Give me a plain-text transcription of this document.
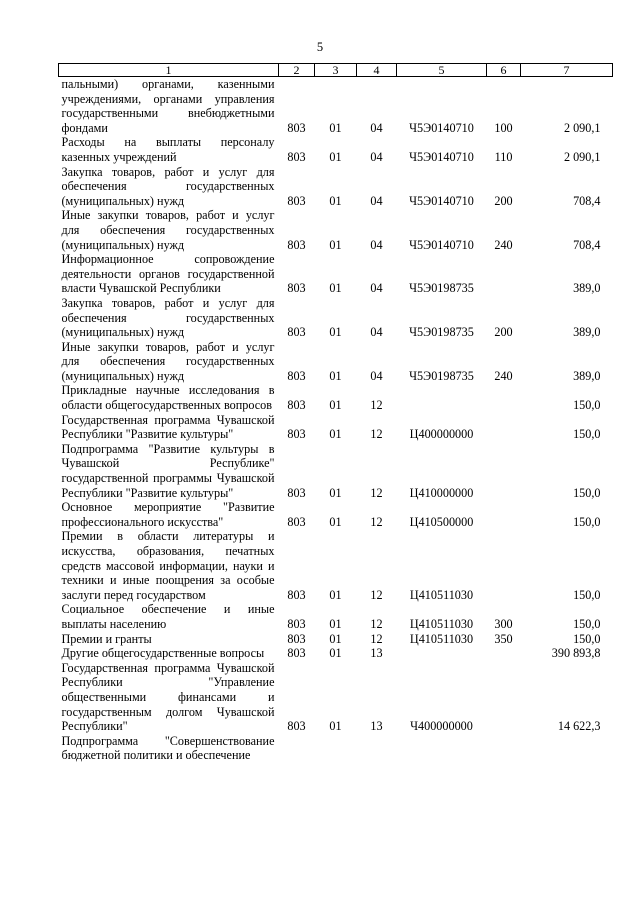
5
1	2	3	4	5	6	7
пальными) органами, казенными учреждениями, органами управления государственными внебюджетными фондами	803	01	04	Ч5Э0140710	100	2 090,1
Расходы на выплаты персоналу казенных учреждений	803	01	04	Ч5Э0140710	110	2 090,1
Закупка товаров, работ и услуг для обеспечения государственных (муниципальных) нужд	803	01	04	Ч5Э0140710	200	708,4
Иные закупки товаров, работ и услуг для обеспечения государственных (муниципальных) нужд	803	01	04	Ч5Э0140710	240	708,4
Информационное сопровождение деятельности органов государственной власти Чувашской Республики	803	01	04	Ч5Э0198735		389,0
Закупка товаров, работ и услуг для обеспечения государственных (муниципальных) нужд	803	01	04	Ч5Э0198735	200	389,0
Иные закупки товаров, работ и услуг для обеспечения государственных (муниципальных) нужд	803	01	04	Ч5Э0198735	240	389,0
Прикладные научные исследования в области общегосударственных вопросов	803	01	12			150,0
Государственная программа Чувашской Республики "Развитие культуры"	803	01	12	Ц400000000		150,0
Подпрограмма "Развитие культуры в Чувашской Республике" государственной программы Чувашской Республики "Развитие культуры"	803	01	12	Ц410000000		150,0
Основное мероприятие "Развитие профессионального искусства"	803	01	12	Ц410500000		150,0
Премии в области литературы и искусства, образования, печатных средств массовой информации, науки и техники и иные поощрения за особые заслуги перед государством	803	01	12	Ц410511030		150,0
Социальное обеспечение и иные выплаты населению	803	01	12	Ц410511030	300	150,0
Премии и гранты	803	01	12	Ц410511030	350	150,0
Другие общегосударственные вопросы	803	01	13			390 893,8
Государственная программа Чувашской Республики "Управление общественными финансами и государственным долгом Чувашской Республики"	803	01	13	Ч400000000		14 622,3
Подпрограмма "Совершенствование бюджетной политики и обеспечение						
